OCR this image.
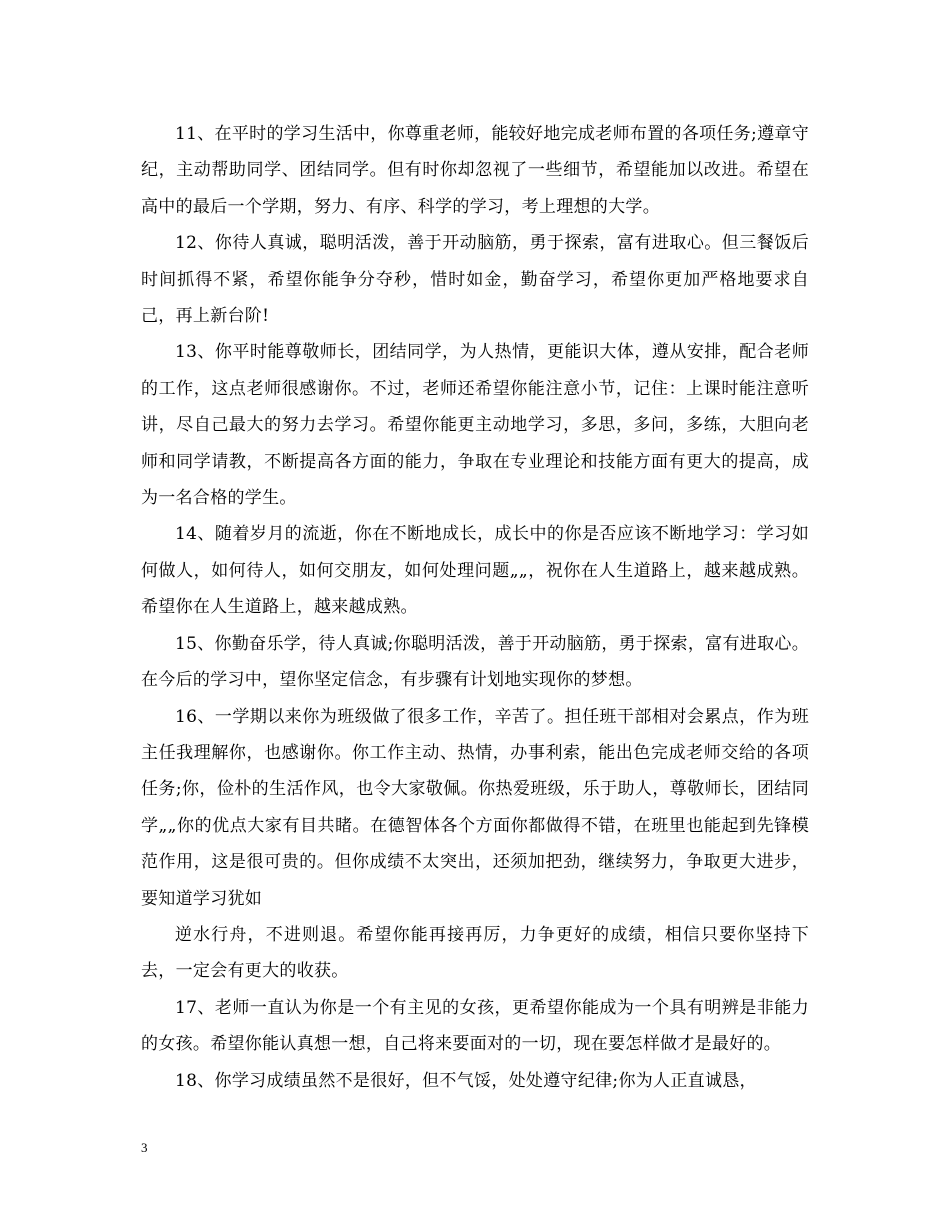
11、在平时的学习生活中，你尊重老师，能较好地完成老师布置的各项任务;遵章守纪，主动帮助同学、团结同学。但有时你却忽视了一些细节，希望能加以改进。希望在高中的最后一个学期，努力、有序、科学的学习，考上理想的大学。

12、你待人真诚，聪明活泼，善于开动脑筋，勇于探索，富有进取心。但三餐饭后时间抓得不紧，希望你能争分夺秒，惜时如金，勤奋学习，希望你更加严格地要求自己，再上新台阶!

13、你平时能尊敬师长，团结同学，为人热情，更能识大体，遵从安排，配合老师的工作，这点老师很感谢你。不过，老师还希望你能注意小节，记住：上课时能注意听讲，尽自己最大的努力去学习。希望你能更主动地学习，多思，多问，多练，大胆向老师和同学请教，不断提高各方面的能力，争取在专业理论和技能方面有更大的提高，成为一名合格的学生。

14、随着岁月的流逝，你在不断地成长，成长中的你是否应该不断地学习：学习如何做人，如何待人，如何交朋友，如何处理问题„„，祝你在人生道路上，越来越成熟。希望你在人生道路上，越来越成熟。

15、你勤奋乐学，待人真诚;你聪明活泼，善于开动脑筋，勇于探索，富有进取心。在今后的学习中，望你坚定信念，有步骤有计划地实现你的梦想。

16、一学期以来你为班级做了很多工作，辛苦了。担任班干部相对会累点，作为班主任我理解你，也感谢你。你工作主动、热情，办事利索，能出色完成老师交给的各项任务;你，俭朴的生活作风，也令大家敬佩。你热爱班级，乐于助人，尊敬师长，团结同学„„你的优点大家有目共睹。在德智体各个方面你都做得不错，在班里也能起到先锋模范作用，这是很可贵的。但你成绩不太突出，还须加把劲，继续努力，争取更大进步，要知道学习犹如

逆水行舟，不进则退。希望你能再接再厉，力争更好的成绩，相信只要你坚持下去，一定会有更大的收获。

17、老师一直认为你是一个有主见的女孩，更希望你能成为一个具有明辨是非能力的女孩。希望你能认真想一想，自己将来要面对的一切，现在要怎样做才是最好的。

18、你学习成绩虽然不是很好，但不气馁，处处遵守纪律;你为人正直诚恳，

3
